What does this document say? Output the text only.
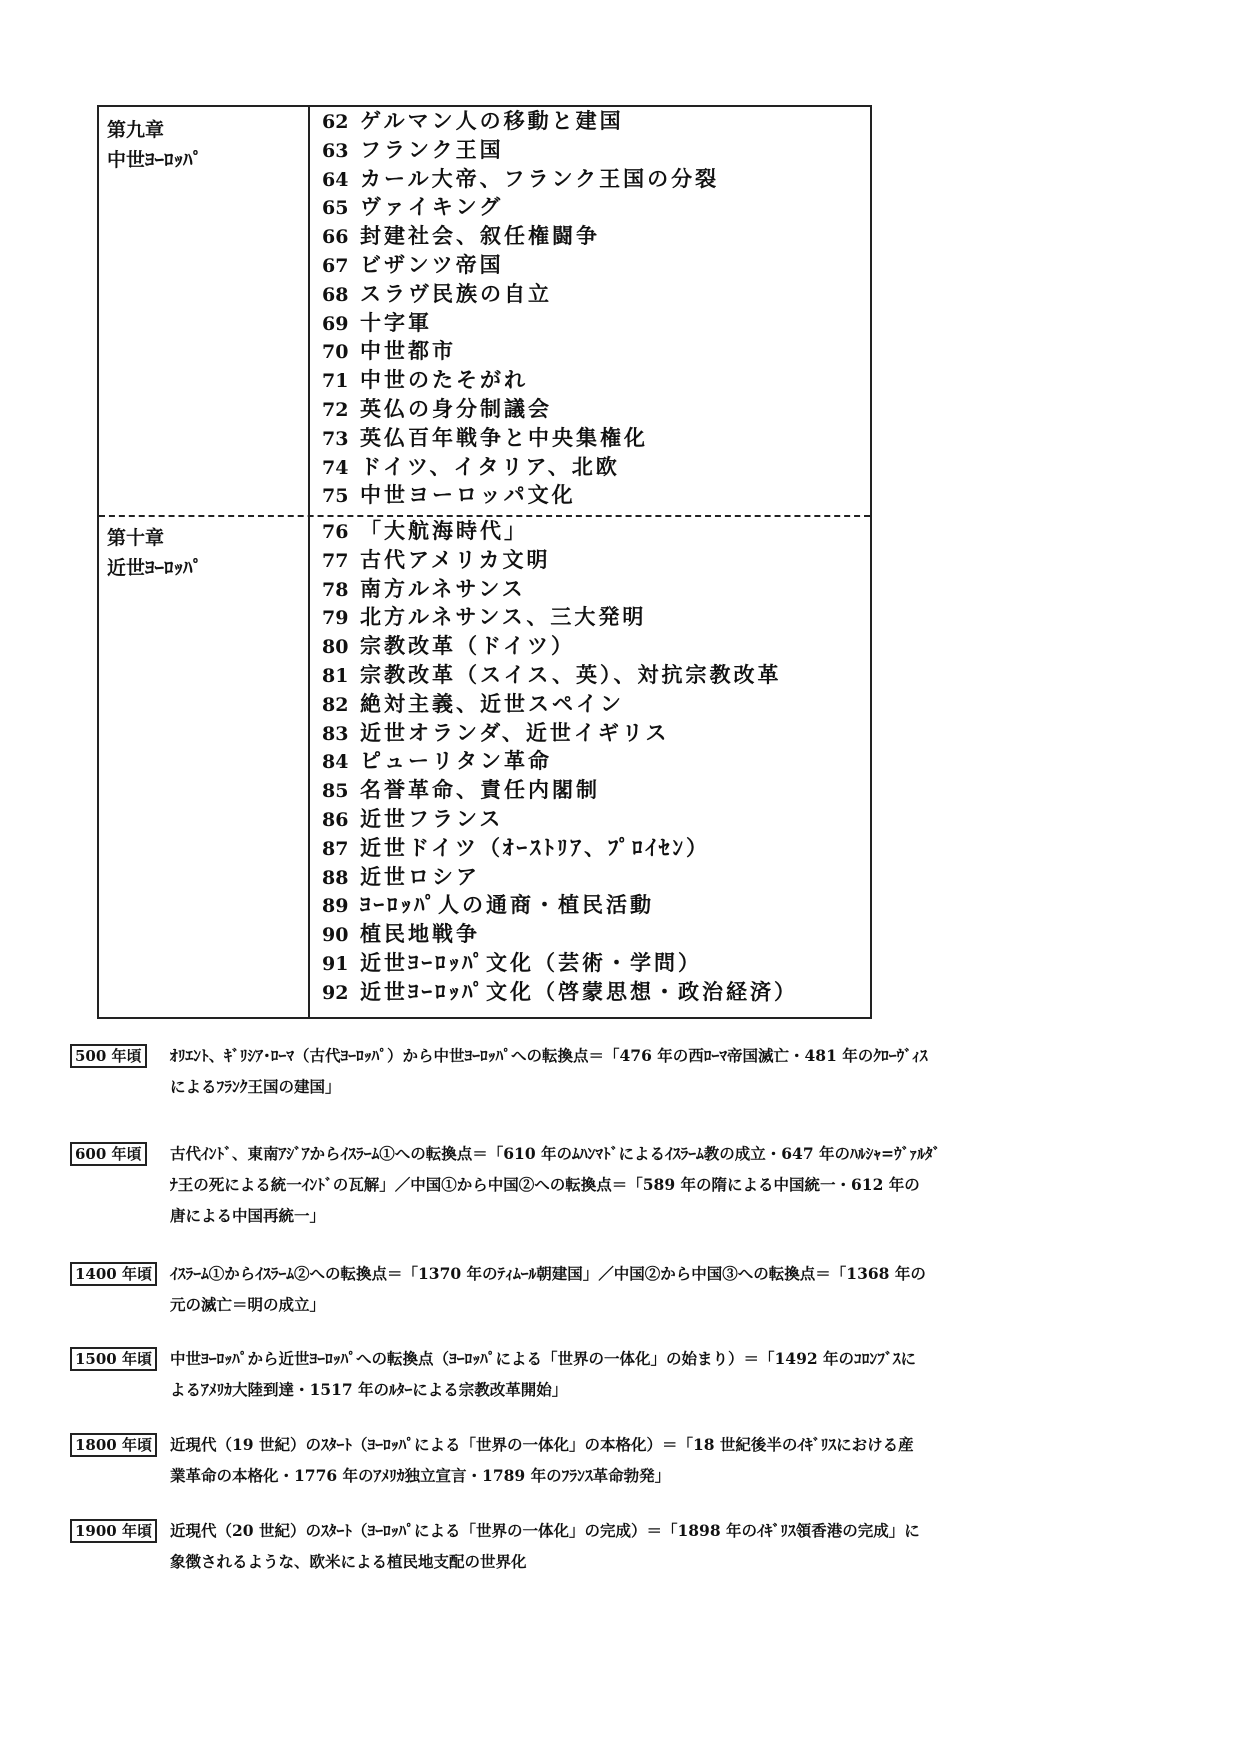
第九章
中世ﾖｰﾛｯﾊﾟ
62 ゲルマン人の移動と建国
63 フランク王国
64 カール大帝、フランク王国の分裂
65 ヴァイキング
66 封建社会、叙任権闘争
67 ビザンツ帝国
68 スラヴ民族の自立
69 十字軍
70 中世都市
71 中世のたそがれ
72 英仏の身分制議会
73 英仏百年戦争と中央集権化
74 ドイツ、イタリア、北欧
75 中世ヨーロッパ文化
第十章
近世ﾖｰﾛｯﾊﾟ
76 「大航海時代」
77 古代アメリカ文明
78 南方ルネサンス
79 北方ルネサンス、三大発明
80 宗教改革（ドイツ）
81 宗教改革（スイス、英）、対抗宗教改革
82 絶対主義、近世スペイン
83 近世オランダ、近世イギリス
84 ピューリタン革命
85 名誉革命、責任内閣制
86 近世フランス
87 近世ドイツ（ｵｰｽﾄﾘｱ、ﾌﾟﾛｲｾﾝ）
88 近世ロシア
89 ﾖｰﾛｯﾊﾟ人の通商・植民活動
90 植民地戦争
91 近世ﾖｰﾛｯﾊﾟ文化（芸術・学問）
92 近世ﾖｰﾛｯﾊﾟ文化（啓蒙思想・政治経済）
500 年頃	ｵﾘｴﾝﾄ、ｷﾞﾘｼｱ･ﾛｰﾏ（古代ﾖｰﾛｯﾊﾟ）から中世ﾖｰﾛｯﾊﾟへの転換点＝「476 年の西ﾛｰﾏ帝国滅亡・481 年のｸﾛｰｳﾞｨｽ
によるﾌﾗﾝｸ王国の建国」
600 年頃	古代ｲﾝﾄﾞ、東南ｱｼﾞｱからｲｽﾗｰﾑ①への転換点＝「610 年のﾑﾊﾝﾏﾄﾞによるｲｽﾗｰﾑ教の成立・647 年のﾊﾙｼｬ=ｳﾞｧﾙﾀﾞ
ﾅ王の死による統一ｲﾝﾄﾞの瓦解」／中国①から中国②への転換点＝「589 年の隋による中国統一・612 年の
唐による中国再統一」
1400 年頃	ｲｽﾗｰﾑ①からｲｽﾗｰﾑ②への転換点＝「1370 年のﾃｨﾑｰﾙ朝建国」／中国②から中国③への転換点＝「1368 年の
元の滅亡＝明の成立」
1500 年頃	中世ﾖｰﾛｯﾊﾟから近世ﾖｰﾛｯﾊﾟへの転換点（ﾖｰﾛｯﾊﾟによる「世界の一体化」の始まり）＝「1492 年のｺﾛﾝﾌﾞｽに
よるｱﾒﾘｶ大陸到達・1517 年のﾙﾀｰによる宗教改革開始」
1800 年頃	近現代（19 世紀）のｽﾀｰﾄ（ﾖｰﾛｯﾊﾟによる「世界の一体化」の本格化）＝「18 世紀後半のｲｷﾞﾘｽにおける産
業革命の本格化・1776 年のｱﾒﾘｶ独立宣言・1789 年のﾌﾗﾝｽ革命勃発」
1900 年頃	近現代（20 世紀）のｽﾀｰﾄ（ﾖｰﾛｯﾊﾟによる「世界の一体化」の完成）＝「1898 年のｲｷﾞﾘｽ領香港の完成」に
象徴されるような、欧米による植民地支配の世界化
